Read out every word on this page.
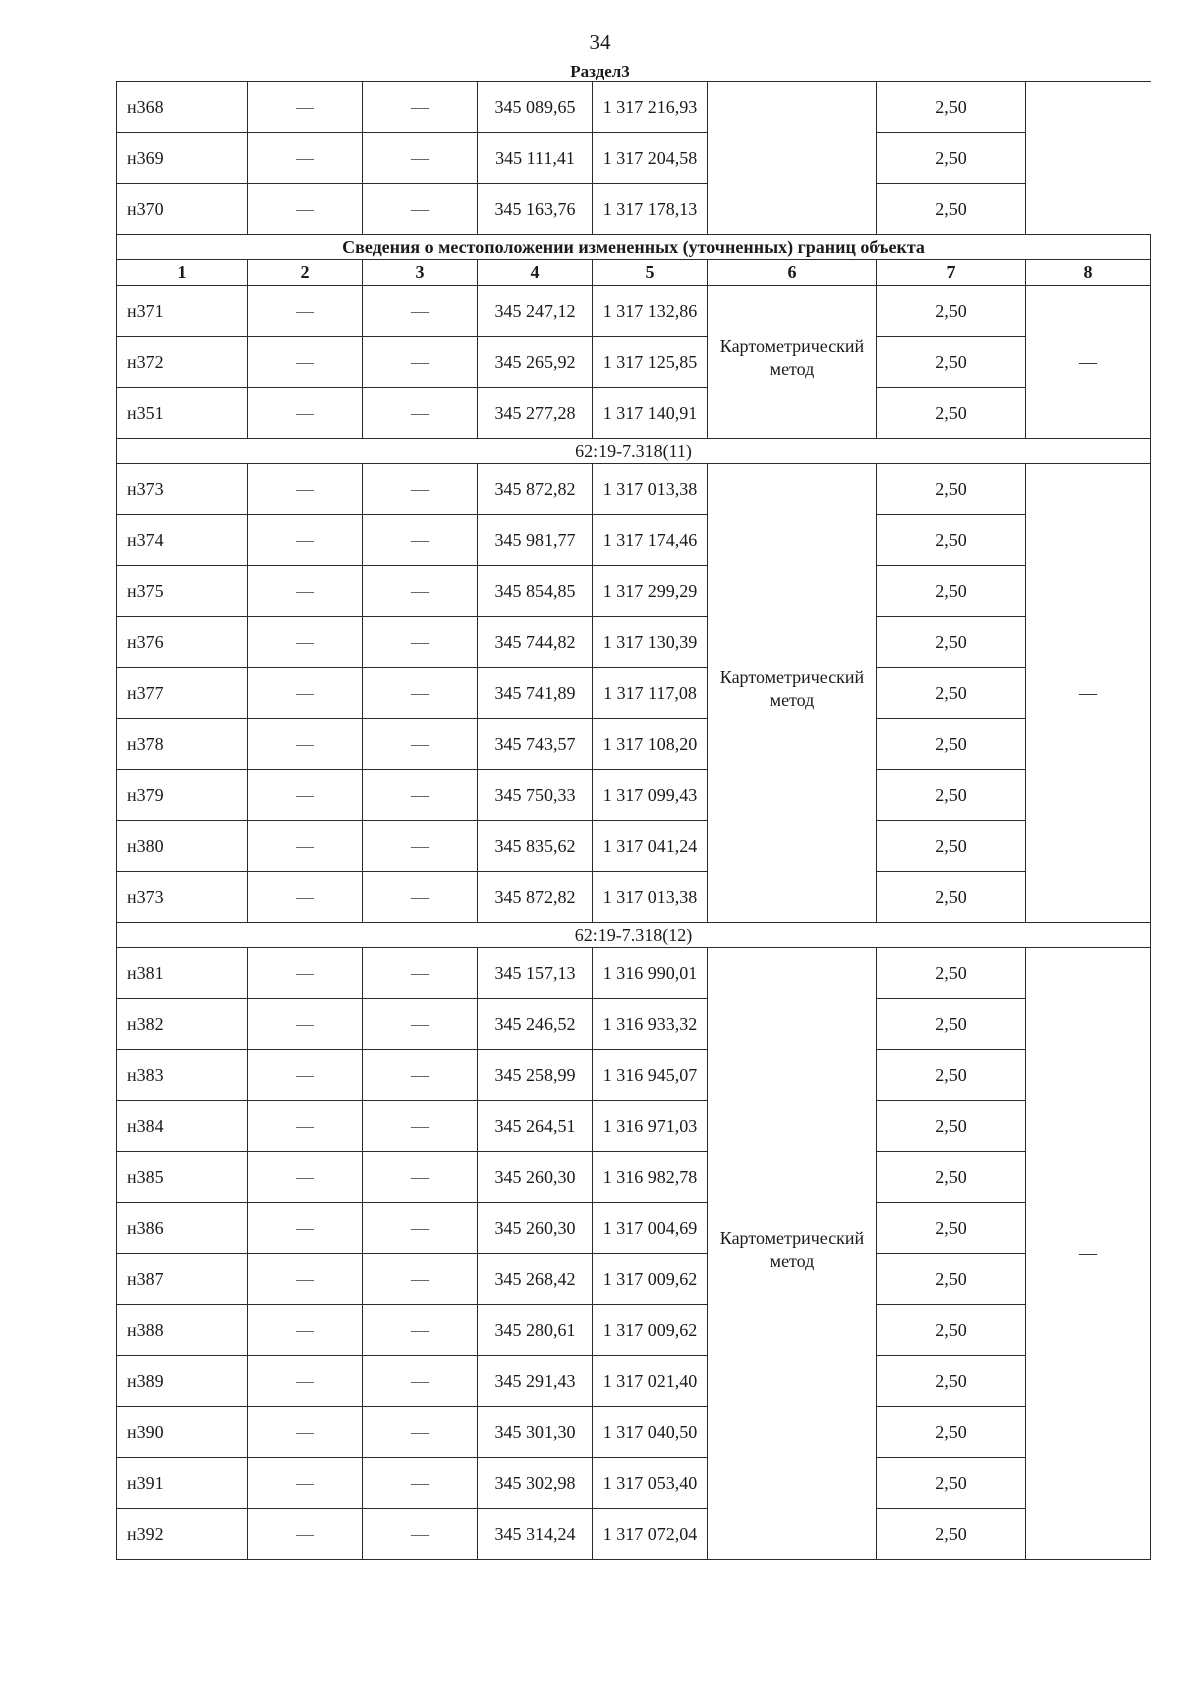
34
Раздел3
н368	—	—	345 089,65	1 317 216,93		2,50	
н369	—	—	345 111,41	1 317 204,58		2,50	
н370	—	—	345 163,76	1 317 178,13		2,50	
Сведения о местоположении измененных (уточненных) границ объекта							
1	2	3	4	5	6	7	8
н371	—	—	345 247,12	1 317 132,86	Картометрический метод	2,50	—
н372	—	—	345 265,92	1 317 125,85		2,50	
н351	—	—	345 277,28	1 317 140,91		2,50	
62:19-7.318(11)							
н373	—	—	345 872,82	1 317 013,38	Картометрический метод	2,50	—
н374	—	—	345 981,77	1 317 174,46		2,50	
н375	—	—	345 854,85	1 317 299,29		2,50	
н376	—	—	345 744,82	1 317 130,39		2,50	
н377	—	—	345 741,89	1 317 117,08		2,50	
н378	—	—	345 743,57	1 317 108,20		2,50	
н379	—	—	345 750,33	1 317 099,43		2,50	
н380	—	—	345 835,62	1 317 041,24		2,50	
н373	—	—	345 872,82	1 317 013,38		2,50	
62:19-7.318(12)							
н381	—	—	345 157,13	1 316 990,01	Картометрический метод	2,50	—
н382	—	—	345 246,52	1 316 933,32		2,50	
н383	—	—	345 258,99	1 316 945,07		2,50	
н384	—	—	345 264,51	1 316 971,03		2,50	
н385	—	—	345 260,30	1 316 982,78		2,50	
н386	—	—	345 260,30	1 317 004,69		2,50	
н387	—	—	345 268,42	1 317 009,62		2,50	
н388	—	—	345 280,61	1 317 009,62		2,50	
н389	—	—	345 291,43	1 317 021,40		2,50	
н390	—	—	345 301,30	1 317 040,50		2,50	
н391	—	—	345 302,98	1 317 053,40		2,50	
н392	—	—	345 314,24	1 317 072,04		2,50	
